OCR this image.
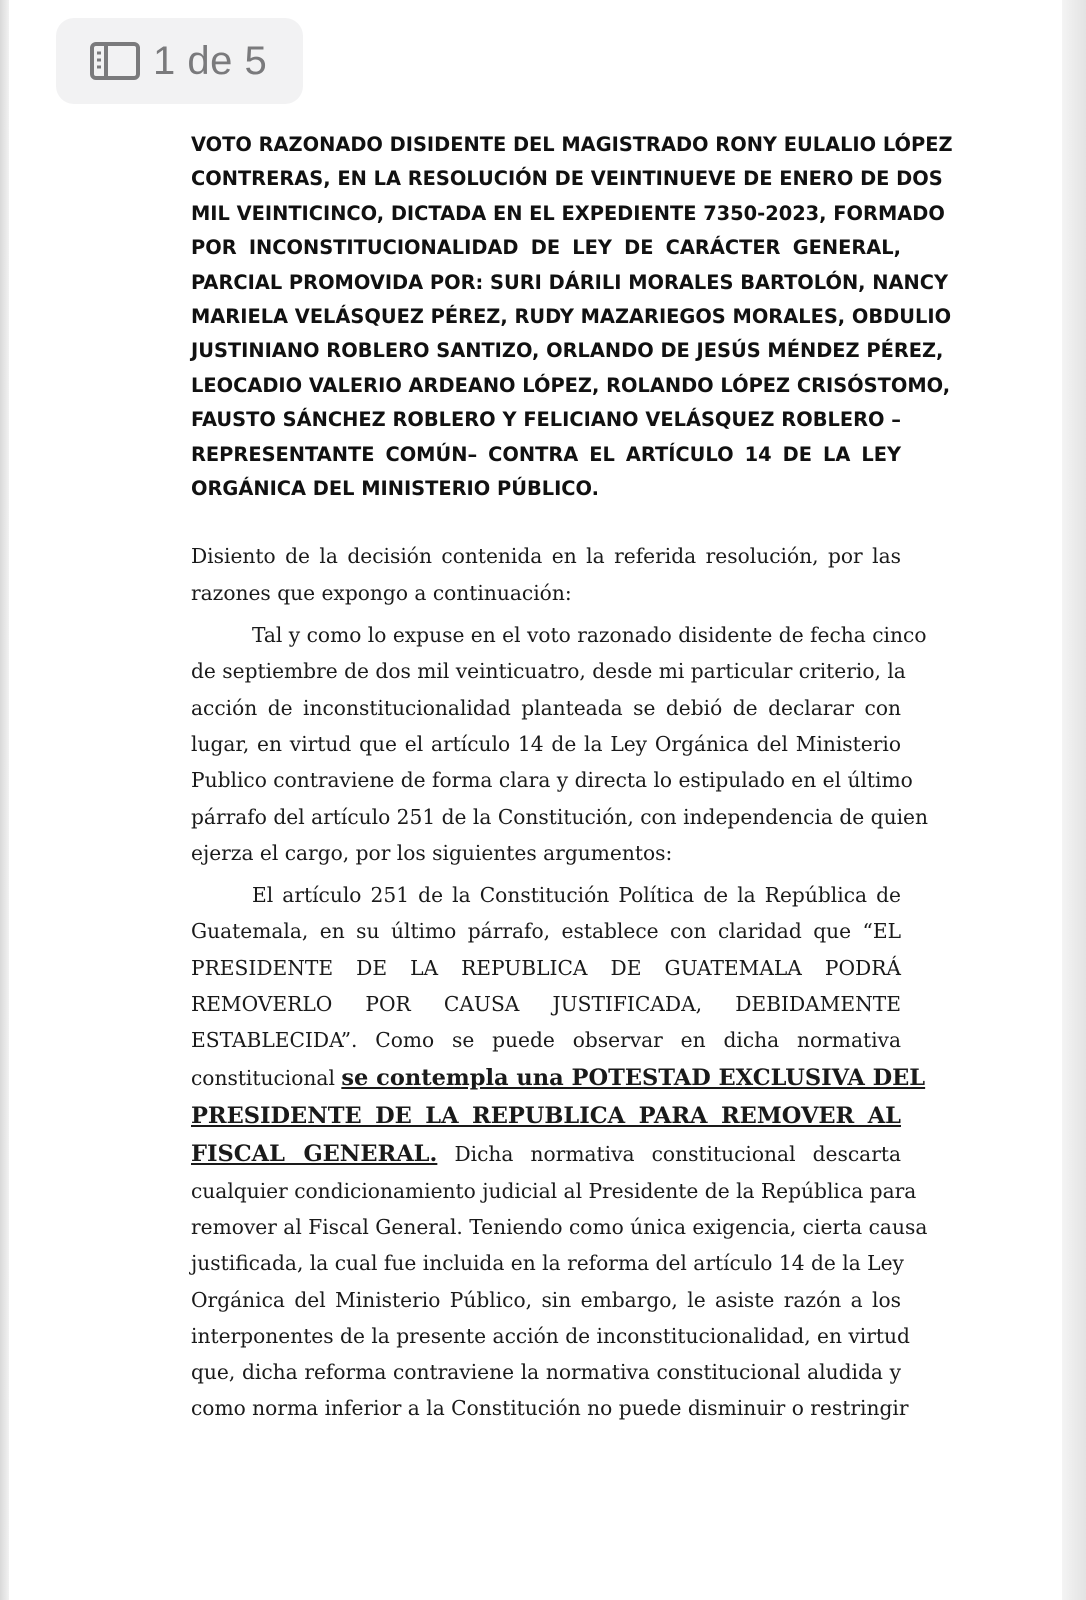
1 de 5

VOTO RAZONADO DISIDENTE DEL MAGISTRADO RONY EULALIO LÓPEZ
CONTRERAS, EN LA RESOLUCIÓN DE VEINTINUEVE DE ENERO DE DOS
MIL VEINTICINCO, DICTADA EN EL EXPEDIENTE 7350-2023, FORMADO
POR INCONSTITUCIONALIDAD DE LEY DE CARÁCTER GENERAL,
PARCIAL PROMOVIDA POR: SURI DÁRILI MORALES BARTOLÓN, NANCY
MARIELA VELÁSQUEZ PÉREZ, RUDY MAZARIEGOS MORALES, OBDULIO
JUSTINIANO ROBLERO SANTIZO, ORLANDO DE JESÚS MÉNDEZ PÉREZ,
LEOCADIO VALERIO ARDEANO LÓPEZ, ROLANDO LÓPEZ CRISÓSTOMO,
FAUSTO SÁNCHEZ ROBLERO Y FELICIANO VELÁSQUEZ ROBLERO –
REPRESENTANTE COMÚN– CONTRA EL ARTÍCULO 14 DE LA LEY
ORGÁNICA DEL MINISTERIO PÚBLICO.

Disiento de la decisión contenida en la referida resolución, por las
razones que expongo a continuación:

Tal y como lo expuse en el voto razonado disidente de fecha cinco
de septiembre de dos mil veinticuatro, desde mi particular criterio, la
acción de inconstitucionalidad planteada se debió de declarar con
lugar, en virtud que el artículo 14 de la Ley Orgánica del Ministerio
Publico contraviene de forma clara y directa lo estipulado en el último
párrafo del artículo 251 de la Constitución, con independencia de quien
ejerza el cargo, por los siguientes argumentos:

El artículo 251 de la Constitución Política de la República de
Guatemala, en su último párrafo, establece con claridad que “EL
PRESIDENTE DE LA REPUBLICA DE GUATEMALA PODRÁ
REMOVERLO POR CAUSA JUSTIFICADA, DEBIDAMENTE
ESTABLECIDA”. Como se puede observar en dicha normativa
constitucional se contempla una POTESTAD EXCLUSIVA DEL
PRESIDENTE DE LA REPUBLICA PARA REMOVER AL
FISCAL GENERAL. Dicha normativa constitucional descarta
cualquier condicionamiento judicial al Presidente de la República para
remover al Fiscal General. Teniendo como única exigencia, cierta causa
justificada, la cual fue incluida en la reforma del artículo 14 de la Ley
Orgánica del Ministerio Público, sin embargo, le asiste razón a los
interponentes de la presente acción de inconstitucionalidad, en virtud
que, dicha reforma contraviene la normativa constitucional aludida y
como norma inferior a la Constitución no puede disminuir o restringir
